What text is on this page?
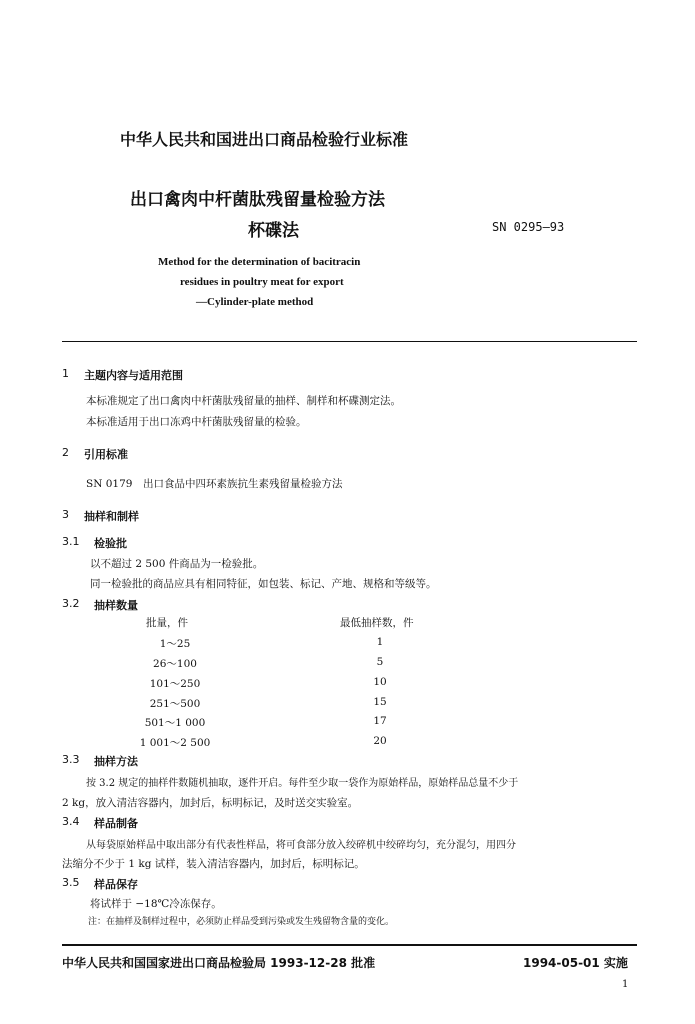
中华人民共和国进出口商品检验行业标准
出口禽肉中杆菌肽残留量检验方法
杯碟法	SN 0295—93
Method for the determination of bacitracin
residues in poultry meat for export
—Cylinder-plate method
1 主题内容与适用范围
本标准规定了出口禽肉中杆菌肽残留量的抽样、制样和杯碟测定法。
本标准适用于出口冻鸡中杆菌肽残留量的检验。
2 引用标准
SN 0179　出口食品中四环素族抗生素残留量检验方法
3 抽样和制样
3.1 检验批
以不超过 2 500 件商品为一检验批。
同一检验批的商品应具有相同特征，如包装、标记、产地、规格和等级等。
3.2 抽样数量
批量，件	最低抽样数，件
1～25	1
26～100	5
101～250	10
251～500	15
501～1 000	17
1 001～2 500	20
3.3 抽样方法
按 3.2 规定的抽样件数随机抽取，逐件开启。每件至少取一袋作为原始样品，原始样品总量不少于
2 kg，放入清洁容器内，加封后，标明标记，及时送交实验室。
3.4 样品制备
从每袋原始样品中取出部分有代表性样品，将可食部分放入绞碎机中绞碎均匀，充分混匀，用四分
法缩分不少于 1 kg 试样，装入清洁容器内，加封后，标明标记。
3.5 样品保存
将试样于 −18℃冷冻保存。
注：在抽样及制样过程中，必须防止样品受到污染或发生残留物含量的变化。
中华人民共和国国家进出口商品检验局 1993-12-28 批准	1994-05-01 实施
1
